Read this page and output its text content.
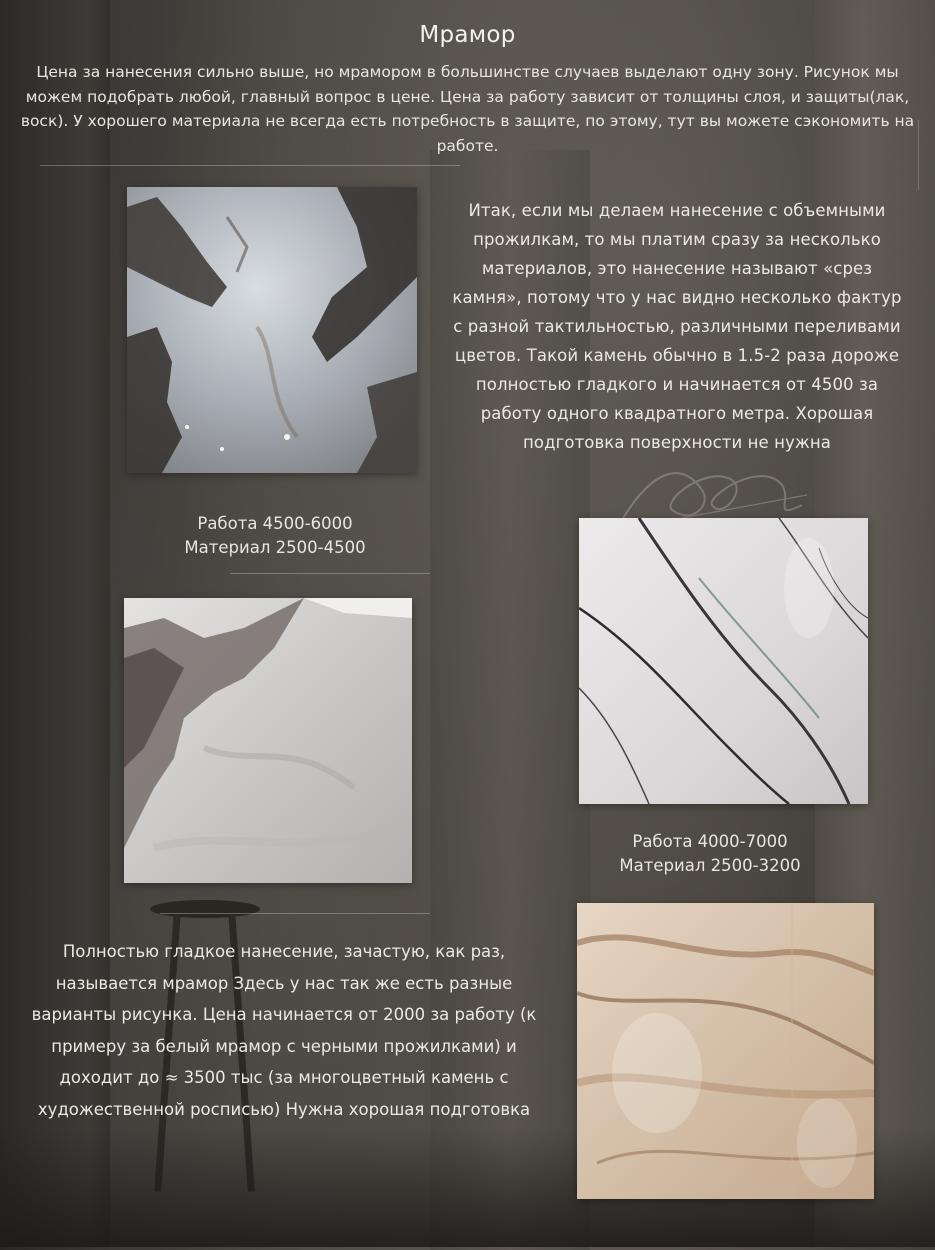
Мрамор
Цена за нанесения сильно выше, но мрамором в большинстве случаев выделают одну зону. Рисунок мы можем подобрать любой, главный вопрос в цене. Цена за работу зависит от толщины слоя, и защиты(лак, воск). У хорошего материала не всегда есть потребность в защите, по этому, тут вы можете сэкономить на работе.
Итак, если мы делаем нанесение с объемными прожилкам, то мы платим сразу за несколько материалов, это нанесение называют «срез камня», потому что у нас видно несколько фактур с разной тактильностью, различными переливами цветов. Такой камень обычно в 1.5-2 раза дороже полностью гладкого и начинается от 4500 за работу одного квадратного метра. Хорошая подготовка поверхности не нужна
Работа 4500-6000
Материал 2500-4500
Работа 4000-7000
Материал 2500-3200
Полностью гладкое нанесение, зачастую, как раз, называется мрамор Здесь у нас так же есть разные варианты рисунка. Цена начинается от 2000 за работу (к примеру за белый мрамор с черными прожилками) и доходит до ≈ 3500 тыс (за многоцветный камень с художественной росписью) Нужна хорошая подготовка
